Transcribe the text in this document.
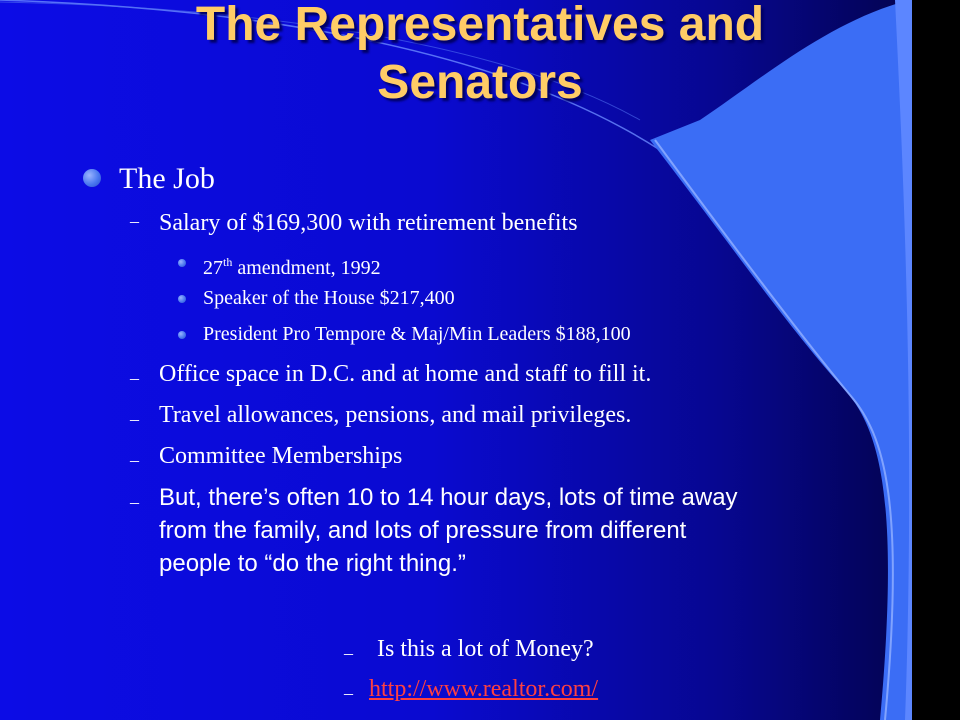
The Representatives and
Senators
The Job
– Salary of $169,300 with retirement benefits
27th amendment, 1992
Speaker of the House $217,400
President Pro Tempore & Maj/Min Leaders $188,100
– Office space in D.C. and at home and staff to fill it.
– Travel allowances, pensions, and mail privileges.
– Committee Memberships
– But, there’s often 10 to 14 hour days, lots of time away
from the family, and lots of pressure from different
people to “do the right thing.”
– Is this a lot of Money?
– http://www.realtor.com/
